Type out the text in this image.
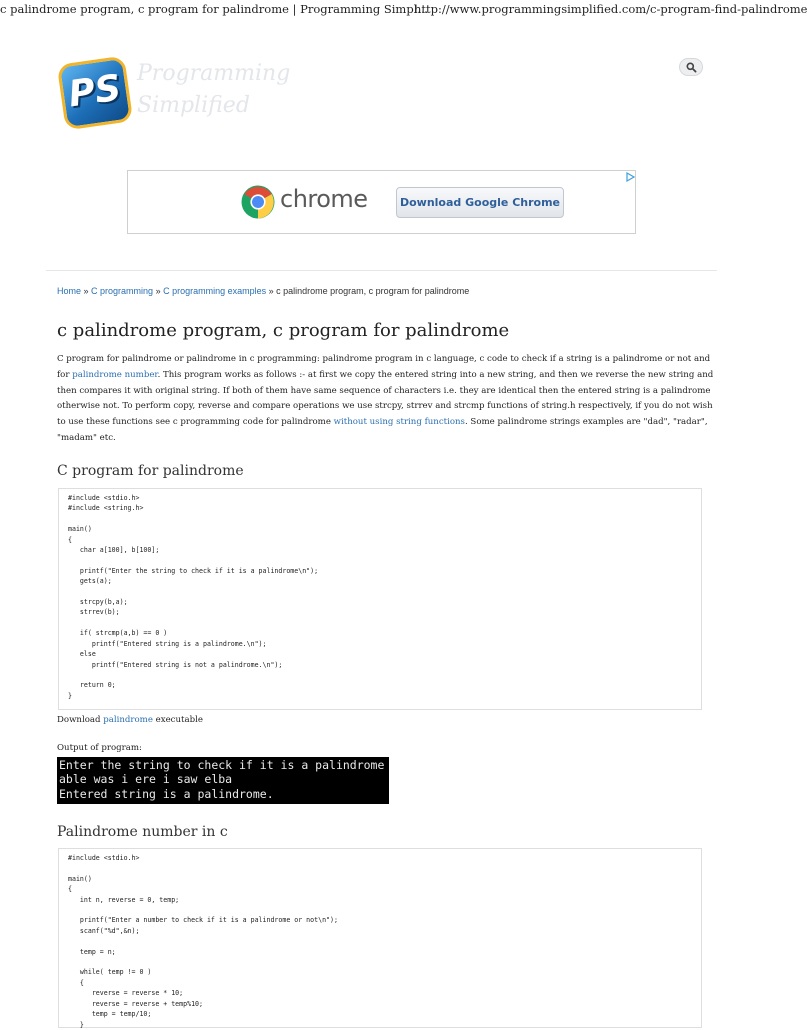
c palindrome program, c program for palindrome | Programming Simpl...
http://www.programmingsimplified.com/c-program-find-palindrome
PS Programming
Simplified
chrome	Download Google Chrome
Home » C programming » C programming examples » c palindrome program, c program for palindrome
c palindrome program, c program for palindrome

C program for palindrome or palindrome in c programming: palindrome program in c language, c code to check if a string is a palindrome or not and for palindrome number. This program works as follows :- at first we copy the entered string into a new string, and then we reverse the new string and then compares it with original string. If both of them have same sequence of characters i.e. they are identical then the entered string is a palindrome otherwise not. To perform copy, reverse and compare operations we use strcpy, strrev and strcmp functions of string.h respectively, if you do not wish to use these functions see c programming code for palindrome without using string functions. Some palindrome strings examples are "dad", "radar", "madam" etc.

C program for palindrome
#include <stdio.h>
#include <string.h>

main()
{
char a[100], b[100];

printf("Enter the string to check if it is a palindrome\n");
gets(a);

strcpy(b,a);
strrev(b);

if( strcmp(a,b) == 0 )
printf("Entered string is a palindrome.\n");
else
printf("Entered string is not a palindrome.\n");

return 0;
}
Download palindrome executable
Output of program:
Enter the string to check if it is a palindrome
able was i ere i saw elba
Entered string is a palindrome.
Palindrome number in c
#include <stdio.h>

main()
{
int n, reverse = 0, temp;

printf("Enter a number to check if it is a palindrome or not\n");
scanf("%d",&n);

temp = n;

while( temp != 0 )
{
reverse = reverse * 10;
reverse = reverse + temp%10;
temp = temp/10;
}
